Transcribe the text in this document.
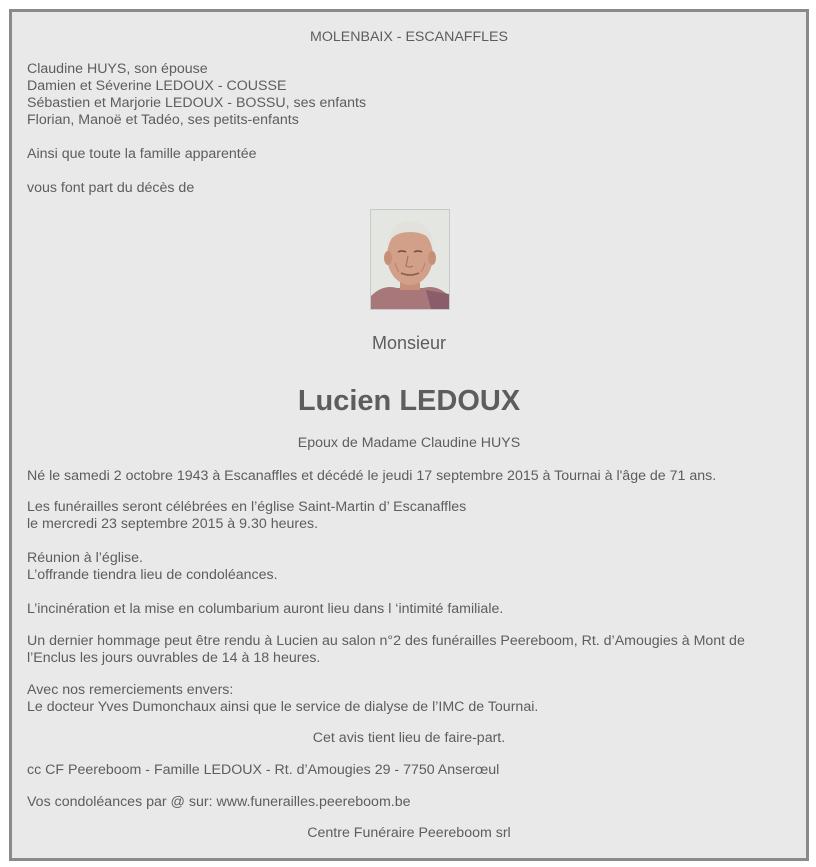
MOLENBAIX - ESCANAFFLES
Claudine HUYS, son épouse
Damien et Séverine LEDOUX - COUSSE
Sébastien et Marjorie LEDOUX - BOSSU, ses enfants
Florian, Manoë et Tadéo, ses petits-enfants
Ainsi que toute la famille apparentée
vous font part du décès de
Monsieur
Lucien LEDOUX
Epoux de Madame Claudine HUYS
Né le samedi 2 octobre 1943 à Escanaffles et décédé le jeudi 17 septembre 2015 à Tournai à l'âge de 71 ans.
Les funérailles seront célébrées en l’église Saint-Martin d’ Escanaffles
le mercredi 23 septembre 2015 à 9.30 heures.
Réunion à l’église.
L’offrande tiendra lieu de condoléances.
L’incinération et la mise en columbarium auront lieu dans l ‘intimité familiale.
Un dernier hommage peut être rendu à Lucien au salon n°2 des funérailles Peereboom, Rt. d’Amougies à Mont de
l’Enclus les jours ouvrables de 14 à 18 heures.
Avec nos remerciements envers:
Le docteur Yves Dumonchaux ainsi que le service de dialyse de l’IMC de Tournai.
Cet avis tient lieu de faire-part.
cc CF Peereboom - Famille LEDOUX - Rt. d’Amougies 29 - 7750 Anserœul
Vos condoléances par @ sur: www.funerailles.peereboom.be
Centre Funéraire Peereboom srl
